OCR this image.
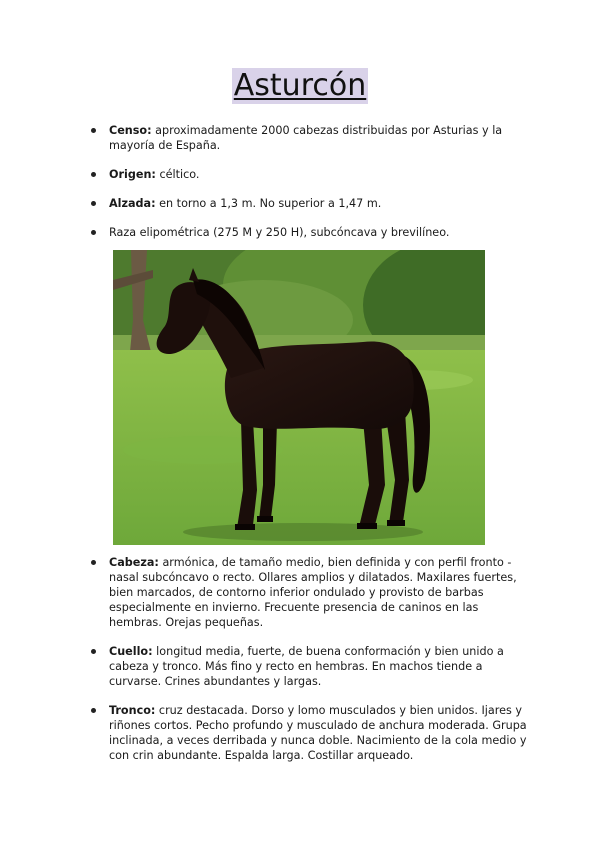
Asturcón
Censo: aproximadamente 2000 cabezas distribuidas por Asturias y la mayoría de España.
Origen: céltico.
Alzada: en torno a 1,3 m. No superior a 1,47 m.
Raza elipométrica (275 M y 250 H), subcóncava y brevilíneo.
Cabeza: armónica, de tamaño medio, bien definida y con perfil fronto - nasal subcóncavo o recto. Ollares amplios y dilatados. Maxilares fuertes, bien marcados, de contorno inferior ondulado y provisto de barbas especialmente en invierno. Frecuente presencia de caninos en las hembras. Orejas pequeñas.
Cuello: longitud media, fuerte, de buena conformación y bien unido a cabeza y tronco. Más fino y recto en hembras. En machos tiende a curvarse. Crines abundantes y largas.
Tronco: cruz destacada. Dorso y lomo musculados y bien unidos. Ijares y riñones cortos. Pecho profundo y musculado de anchura moderada. Grupa inclinada, a veces derribada y nunca doble. Nacimiento de la cola medio y con crin abundante. Espalda larga. Costillar arqueado.
